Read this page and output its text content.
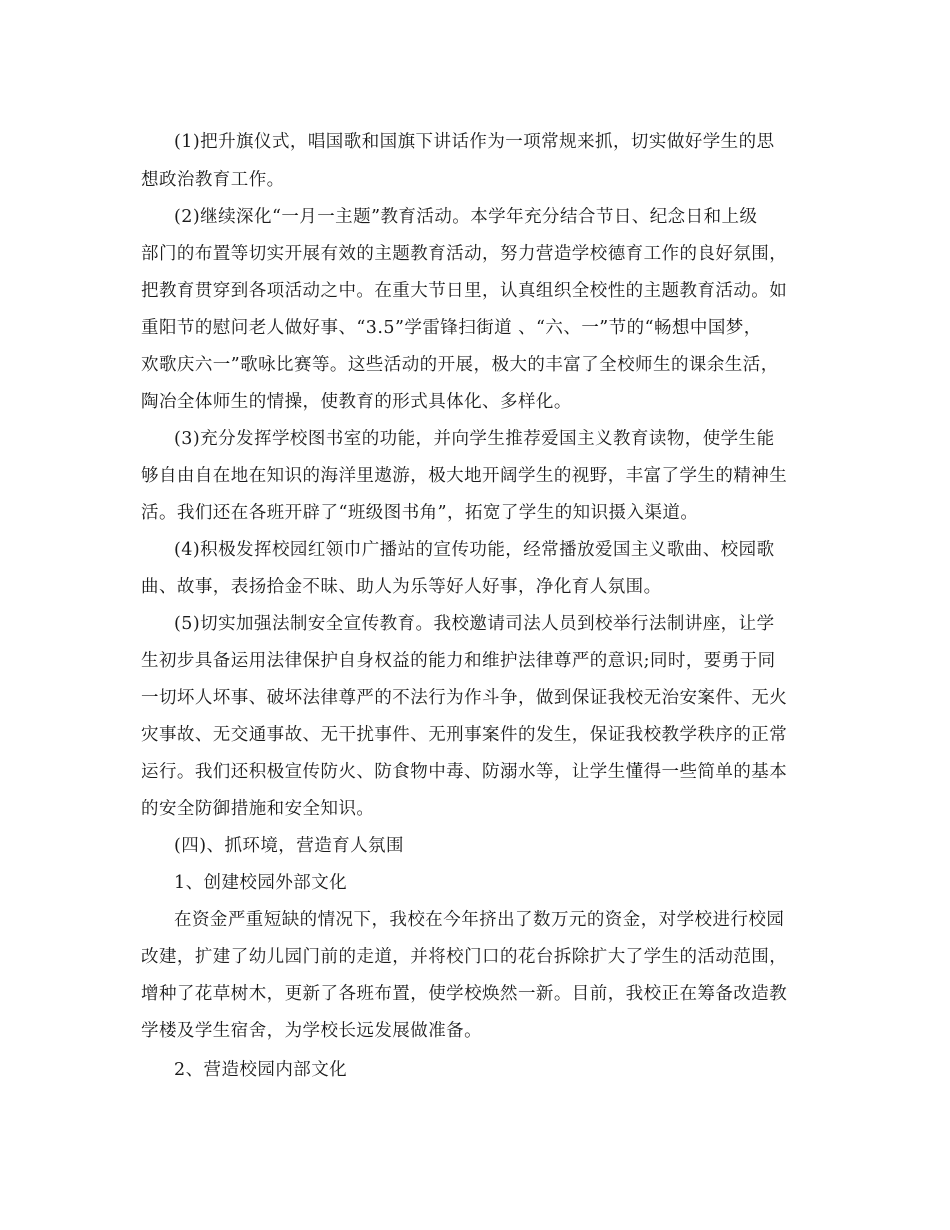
(1)把升旗仪式，唱国歌和国旗下讲话作为一项常规来抓，切实做好学生的思
想政治教育工作。
(2)继续深化“一月一主题”教育活动。本学年充分结合节日、纪念日和上级
部门的布置等切实开展有效的主题教育活动，努力营造学校德育工作的良好氛围，
把教育贯穿到各项活动之中。在重大节日里，认真组织全校性的主题教育活动。如
重阳节的慰问老人做好事、“3.5”学雷锋扫街道 、“六、一”节的“畅想中国梦，
欢歌庆六一”歌咏比赛等。这些活动的开展，极大的丰富了全校师生的课余生活，
陶冶全体师生的情操，使教育的形式具体化、多样化。
(3)充分发挥学校图书室的功能，并向学生推荐爱国主义教育读物，使学生能
够自由自在地在知识的海洋里遨游，极大地开阔学生的视野，丰富了学生的精神生
活。我们还在各班开辟了“班级图书角”，拓宽了学生的知识摄入渠道。
(4)积极发挥校园红领巾广播站的宣传功能，经常播放爱国主义歌曲、校园歌
曲、故事，表扬拾金不昧、助人为乐等好人好事，净化育人氛围。
(5)切实加强法制安全宣传教育。我校邀请司法人员到校举行法制讲座，让学
生初步具备运用法律保护自身权益的能力和维护法律尊严的意识;同时，要勇于同
一切坏人坏事、破坏法律尊严的不法行为作斗争，做到保证我校无治安案件、无火
灾事故、无交通事故、无干扰事件、无刑事案件的发生，保证我校教学秩序的正常
运行。我们还积极宣传防火、防食物中毒、防溺水等，让学生懂得一些简单的基本
的安全防御措施和安全知识。
(四)、抓环境，营造育人氛围
1、创建校园外部文化
在资金严重短缺的情况下，我校在今年挤出了数万元的资金，对学校进行校园
改建，扩建了幼儿园门前的走道，并将校门口的花台拆除扩大了学生的活动范围，
增种了花草树木，更新了各班布置，使学校焕然一新。目前，我校正在筹备改造教
学楼及学生宿舍，为学校长远发展做准备。
2、营造校园内部文化
